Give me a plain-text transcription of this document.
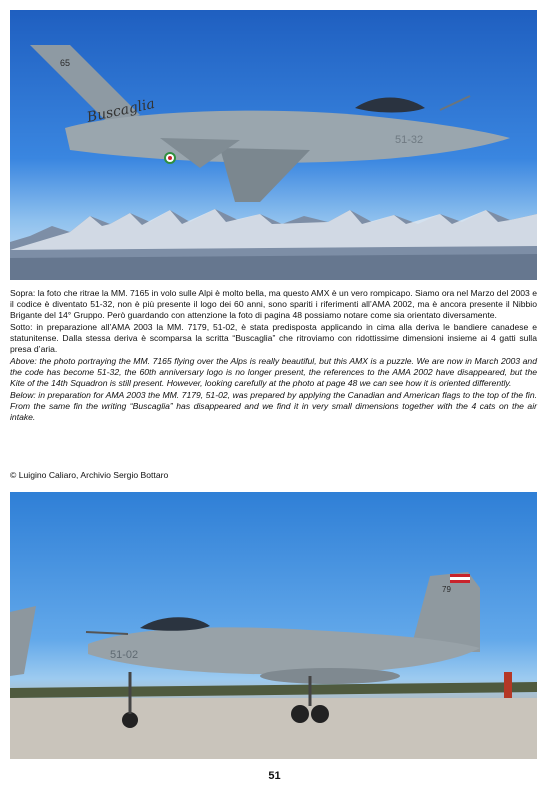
65
Buscaglia
51-32

Sopra: la foto che ritrae la MM. 7165 in volo sulle Alpi è molto bella, ma questo AMX è un vero rompicapo. Siamo ora nel Marzo del 2003 e il codice è diventato 51-32, non è più presente il logo dei 60 anni, sono spariti i riferimenti all’AMA 2002, ma è ancora presente il Nibbio Brigante del 14° Gruppo. Però guardando con attenzione la foto di pagina 48 possiamo notare come sia orientato diversamente.

Sotto: in preparazione all’AMA 2003 la MM. 7179, 51-02, è stata predisposta applicando in cima alla deriva le bandiere canadese e statunitense. Dalla stessa deriva è scomparsa la scritta “Buscaglia” che ritroviamo con ridottissime dimensioni insieme ai 4 gatti sulla presa d’aria.

Above: the photo portraying the MM. 7165 flying over the Alps is really beautiful, but this AMX is a puzzle. We are now in March 2003 and the code has become 51-32, the 60th anniversary logo is no longer present, the references to the AMA 2002 have disappeared, but the Kite of the 14th Squadron is still present. However, looking carefully at the photo at page 48 we can see how it is oriented differently.

Below: in preparation for AMA 2003 the MM. 7179, 51-02, was prepared by applying the Canadian and American flags to the top of the fin. From the same fin the writing “Buscaglia” has disappeared and we find it in very small dimensions together with the 4 cats on the air intake.

© Luigino Caliaro, Archivio Sergio Bottaro

79
51-02
51
